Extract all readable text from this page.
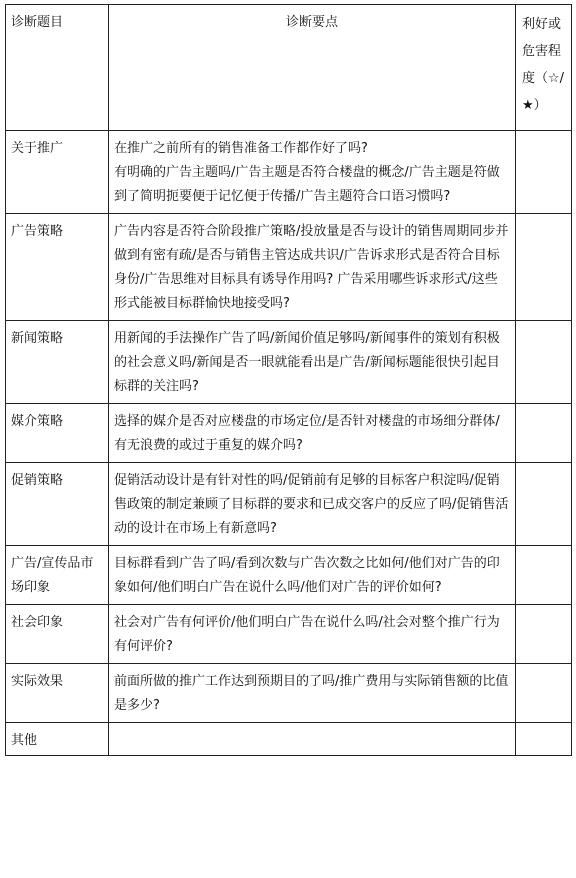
诊断题目	诊断要点	利好或危害程度（☆/★）
关于推广	在推广之前所有的销售准备工作都作好了吗?
有明确的广告主题吗/广告主题是否符合楼盘的概念/广告主题是符做到了简明扼要便于记忆便于传播/广告主题符合口语习惯吗?	

广告策略	广告内容是否符合阶段推广策略/投放量是否与设计的销售周期同步并做到有密有疏/是否与销售主管达成共识/广告诉求形式是否符合目标身份/广告思维对目标具有诱导作用吗? 广告采用哪些诉求形式/这些形式能被目标群愉快地接受吗?	

新闻策略	用新闻的手法操作广告了吗/新闻价值足够吗/新闻事件的策划有积极的社会意义吗/新闻是否一眼就能看出是广告/新闻标题能很快引起目标群的关注吗?	

媒介策略	选择的媒介是否对应楼盘的市场定位/是否针对楼盘的市场细分群体/ 有无浪费的或过于重复的媒介吗?	

促销策略	促销活动设计是有针对性的吗/促销前有足够的目标客户积淀吗/促销售政策的制定兼顾了目标群的要求和已成交客户的反应了吗/促销售活动的设计在市场上有新意吗?	

广告/宣传品市场印象	目标群看到广告了吗/看到次数与广告次数之比如何/他们对广告的印象如何/他们明白广告在说什么吗/他们对广告的评价如何?	

社会印象	社会对广告有何评价/他们明白广告在说什么吗/社会对整个推广行为有何评价?	

实际效果	前面所做的推广工作达到预期目的了吗/推广费用与实际销售额的比值是多少?	

其他	
